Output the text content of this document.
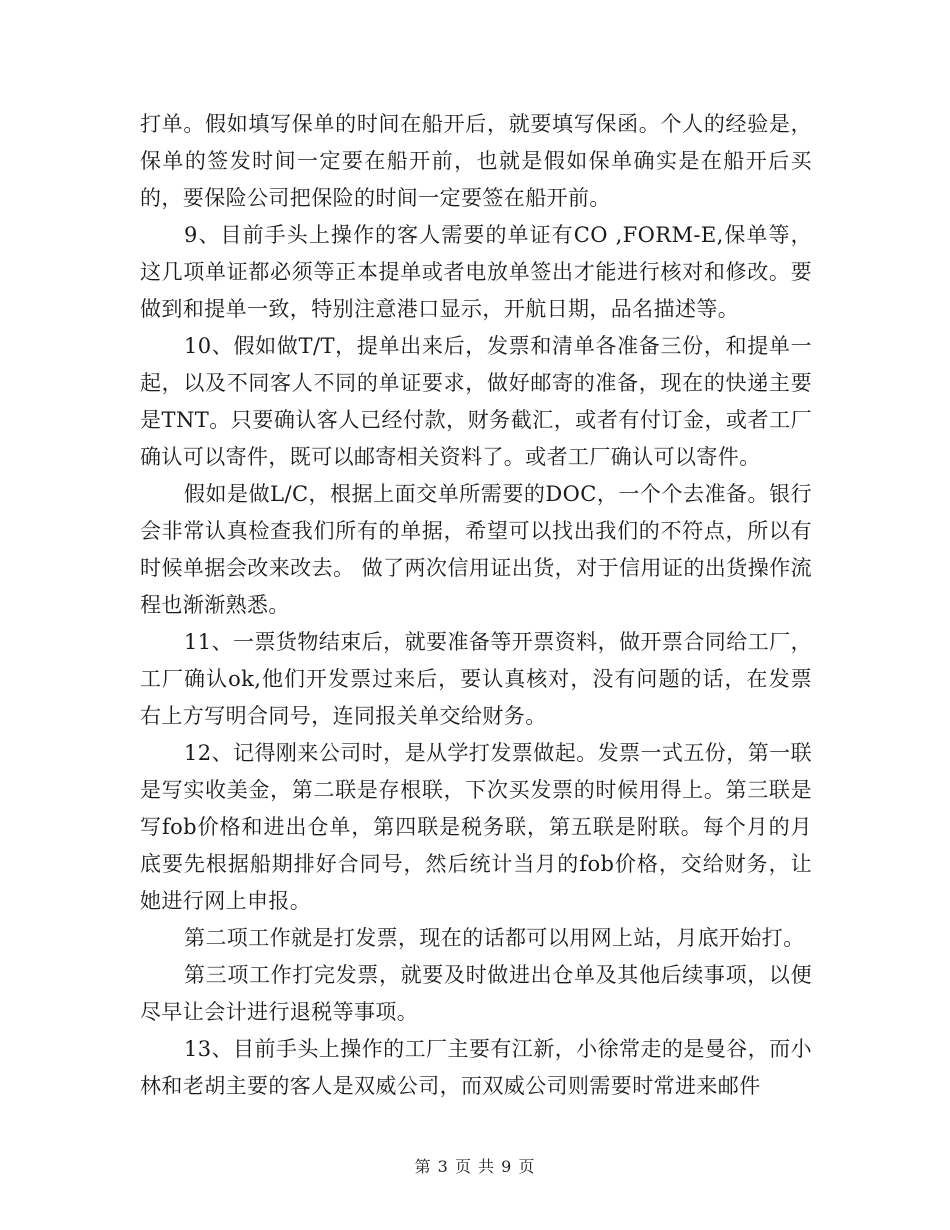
打单。假如填写保单的时间在船开后，就要填写保函。个人的经验是，保单的签发时间一定要在船开前，也就是假如保单确实是在船开后买的，要保险公司把保险的时间一定要签在船开前。

9、目前手头上操作的客人需要的单证有CO ,FORM-E,保单等，这几项单证都必须等正本提单或者电放单签出才能进行核对和修改。要做到和提单一致，特别注意港口显示，开航日期，品名描述等。

10、假如做T/T，提单出来后，发票和清单各准备三份，和提单一起，以及不同客人不同的单证要求，做好邮寄的准备，现在的快递主要是TNT。只要确认客人已经付款，财务截汇，或者有付订金，或者工厂确认可以寄件，既可以邮寄相关资料了。或者工厂确认可以寄件。

假如是做L/C，根据上面交单所需要的DOC，一个个去准备。银行会非常认真检查我们所有的单据，希望可以找出我们的不符点，所以有时候单据会改来改去。 做了两次信用证出货，对于信用证的出货操作流程也渐渐熟悉。

11、一票货物结束后，就要准备等开票资料，做开票合同给工厂，工厂确认ok,他们开发票过来后，要认真核对，没有问题的话，在发票右上方写明合同号，连同报关单交给财务。

12、记得刚来公司时，是从学打发票做起。发票一式五份，第一联是写实收美金，第二联是存根联，下次买发票的时候用得上。第三联是写fob价格和进出仓单，第四联是税务联，第五联是附联。每个月的月底要先根据船期排好合同号，然后统计当月的fob价格，交给财务，让她进行网上申报。

第二项工作就是打发票，现在的话都可以用网上站，月底开始打。

第三项工作打完发票，就要及时做进出仓单及其他后续事项，以便尽早让会计进行退税等事项。

13、目前手头上操作的工厂主要有江新，小徐常走的是曼谷，而小林和老胡主要的客人是双威公司，而双威公司则需要时常进来邮件

第 3 页 共 9 页
